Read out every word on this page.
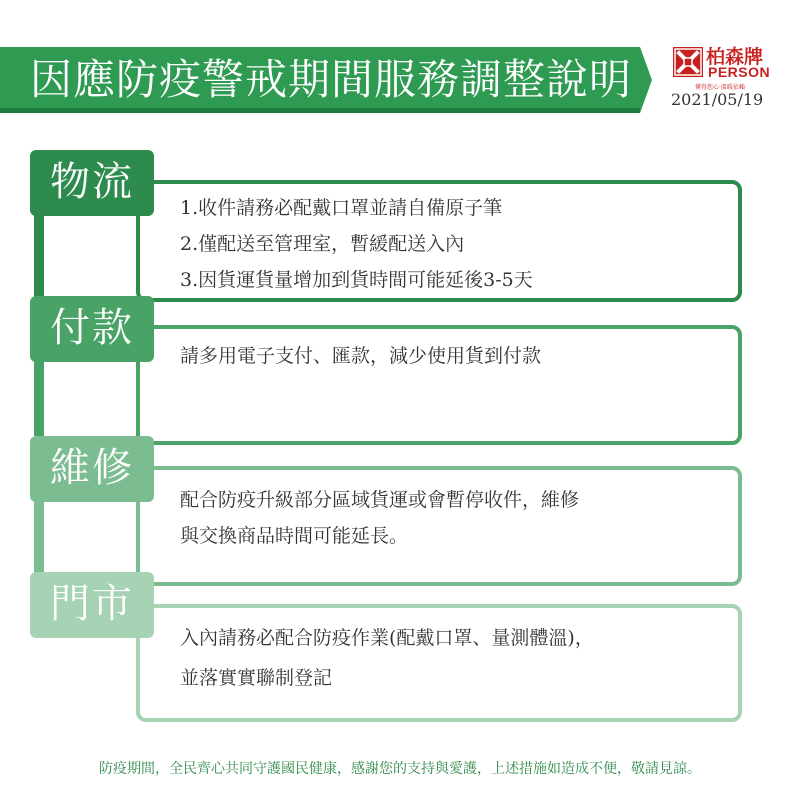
因應防疫警戒期間服務調整說明	柏森牌
PERSON
懂得您心·溫暖依賴
2021/05/19
物流
1.收件請務必配戴口罩並請自備原子筆
2.僅配送至管理室，暫緩配送入內
3.因貨運貨量增加到貨時間可能延後3-5天
付款
請多用電子支付、匯款，減少使用貨到付款
維修
配合防疫升級部分區域貨運或會暫停收件，維修
與交換商品時間可能延長。
門市
入內請務必配合防疫作業(配戴口罩、量測體溫)，
並落實實聯制登記
防疫期間，全民齊心共同守護國民健康，感謝您的支持與愛護，上述措施如造成不便，敬請見諒。
